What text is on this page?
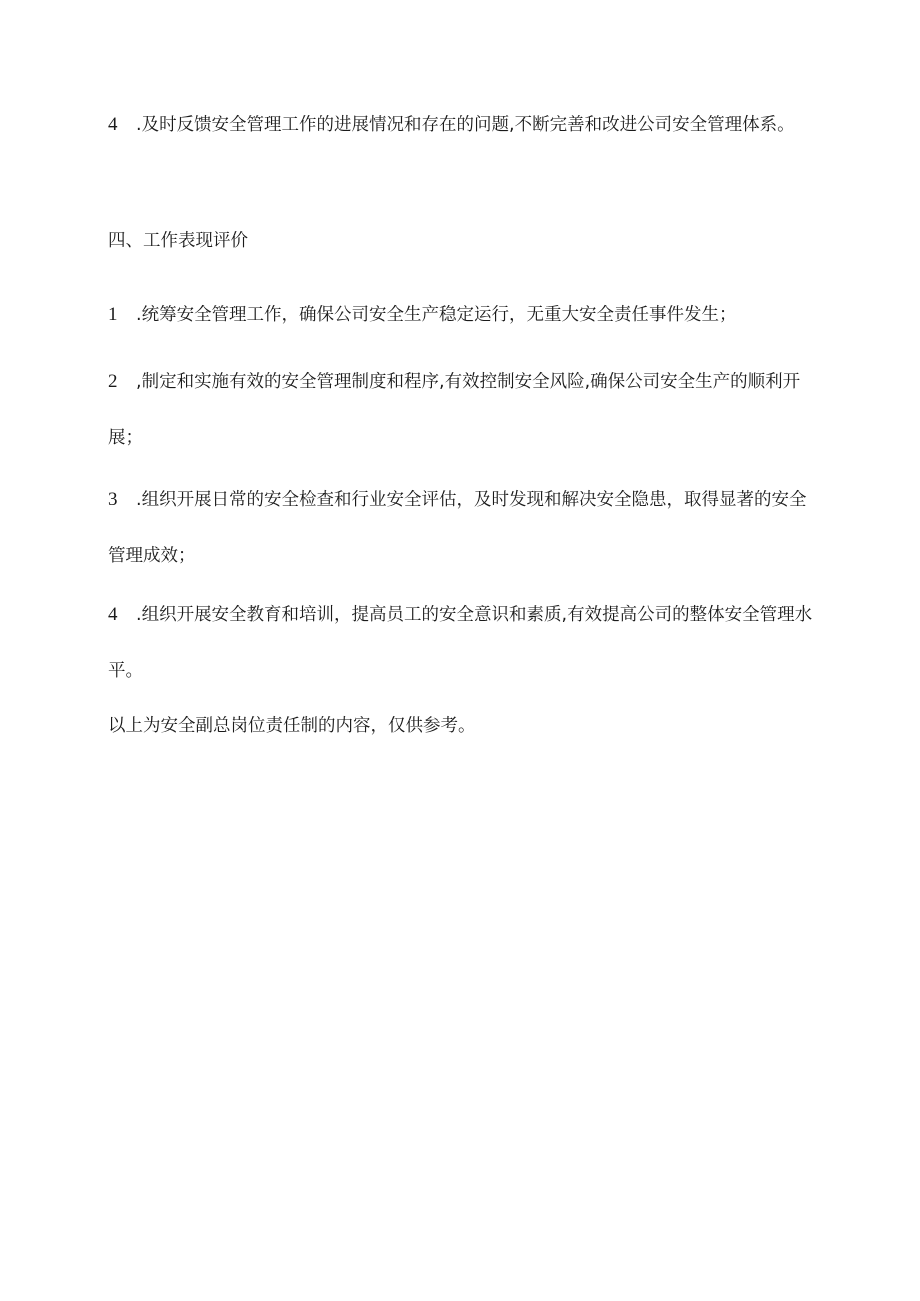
4 .及时反馈安全管理工作的进展情况和存在的问题,不断完善和改进公司安全管理体系。

四、工作表现评价

1 .统筹安全管理工作，确保公司安全生产稳定运行，无重大安全责任事件发生；

2 ,制定和实施有效的安全管理制度和程序,有效控制安全风险,确保公司安全生产的顺利开展；

3 .组织开展日常的安全检查和行业安全评估，及时发现和解决安全隐患，取得显著的安全管理成效；

4 .组织开展安全教育和培训，提高员工的安全意识和素质,有效提高公司的整体安全管理水平。

以上为安全副总岗位责任制的内容，仅供参考。
